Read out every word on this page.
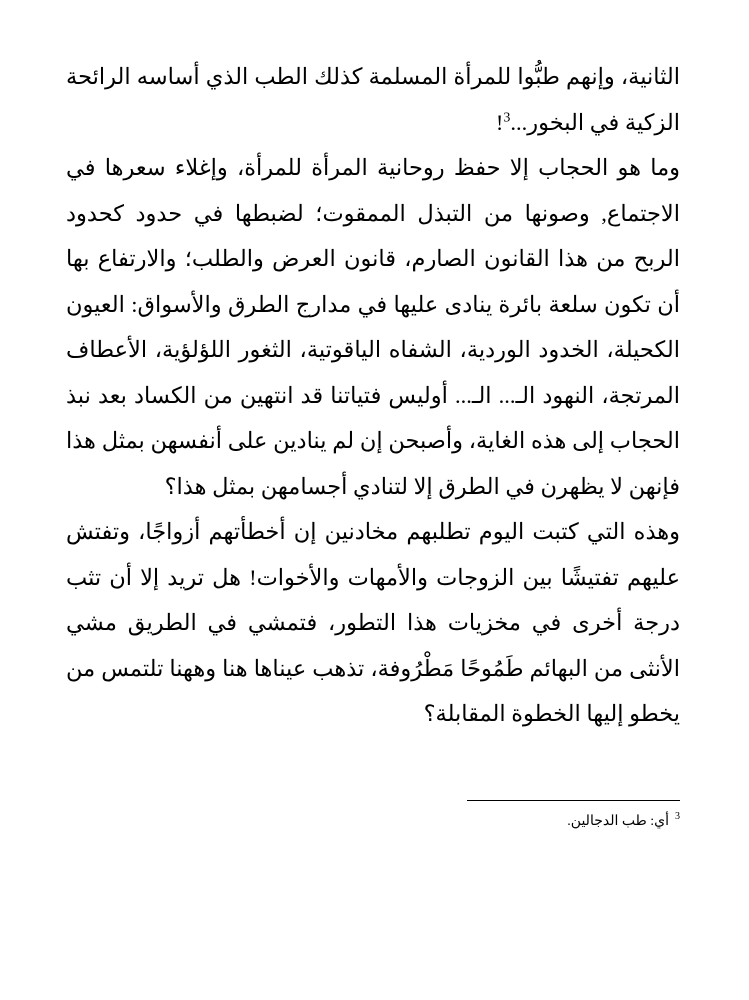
الثانية، وإنهم طبُّوا للمرأة المسلمة كذلك الطب الذي أساسه الرائحة الزكية في البخور...$^3$!

وما هو الحجاب إلا حفظ روحانية المرأة للمرأة، وإغلاء سعرها في الاجتماع, وصونها من التبذل الممقوت؛ لضبطها في حدود كحدود الربح من هذا القانون الصارم، قانون العرض والطلب؛ والارتفاع بها أن تكون سلعة بائرة ينادى عليها في مدارج الطرق والأسواق: العيون الكحيلة، الخدود الوردية، الشفاه الياقوتية، الثغور اللؤلؤية، الأعطاف المرتجة، النهود الـ... الـ... أوليس فتياتنا قد انتهين من الكساد بعد نبذ الحجاب إلى هذه الغاية، وأصبحن إن لم ينادين على أنفسهن بمثل هذا فإنهن لا يظهرن في الطرق إلا لتنادي أجسامهن بمثل هذا؟

وهذه التي كتبت اليوم تطلبهم مخادنين إن أخطأتهم أزواجًا، وتفتش عليهم تفتيشًا بين الزوجات والأمهات والأخوات! هل تريد إلا أن تثب درجة أخرى في مخزيات هذا التطور، فتمشي في الطريق مشي الأنثى من البهائم طَمُوحًا مَطْرُوفة، تذهب عيناها هنا وههنا تلتمس من يخطو إليها الخطوة المقابلة؟

$^3$أي: طب الدجالين.
